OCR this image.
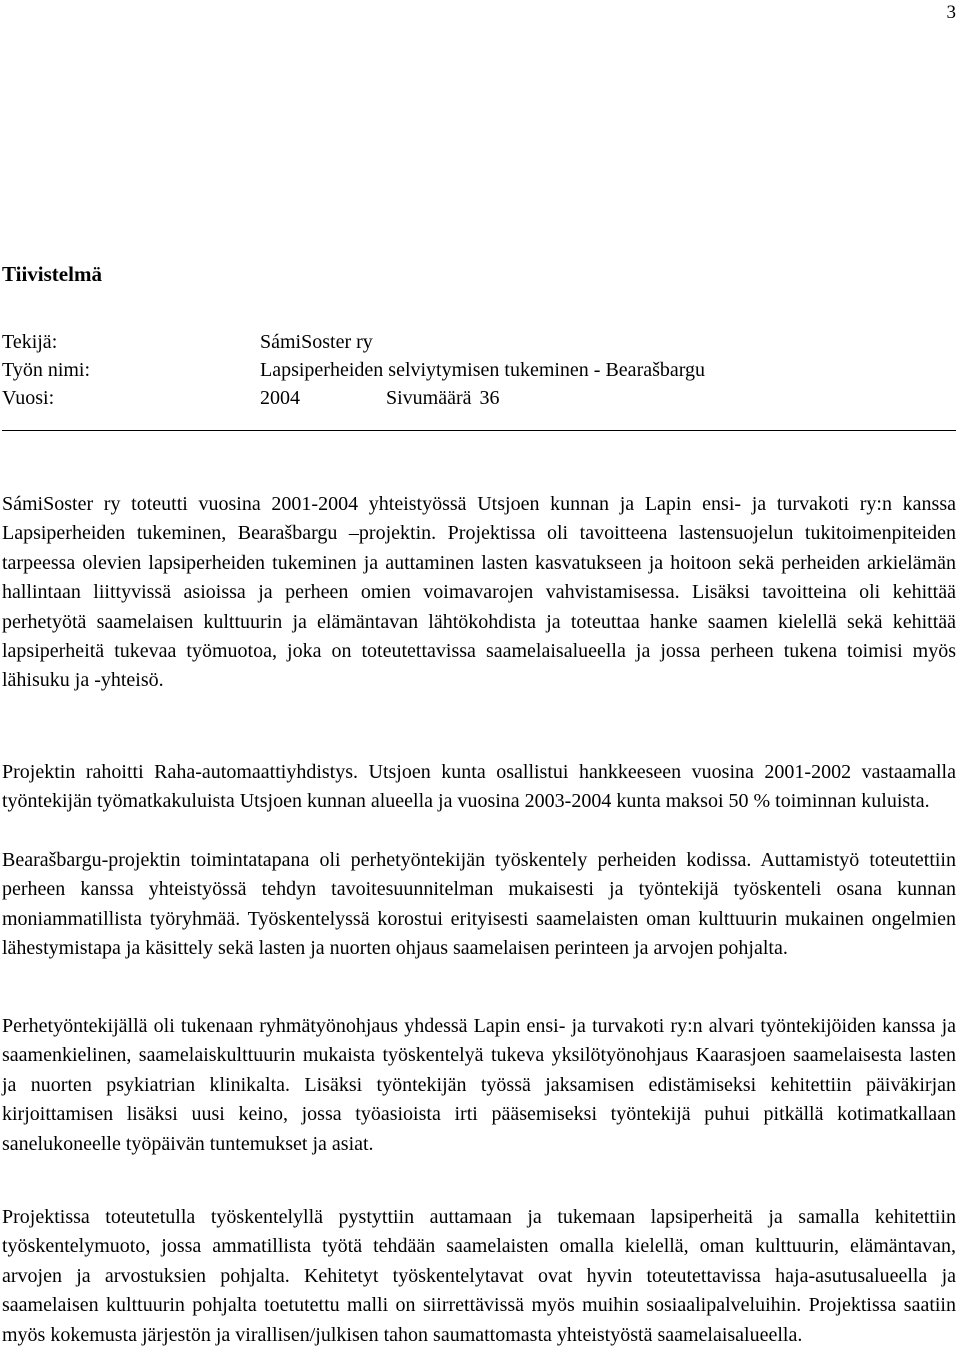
3
Tiivistelmä
Tekijä:	SámiSoster ry
Työn nimi:	Lapsiperheiden selviytymisen tukeminen - Bearašbargu
Vuosi:	2004	Sivumäärä 36

SámiSoster ry toteutti vuosina 2001-2004 yhteistyössä Utsjoen kunnan ja Lapin ensi- ja turvakoti ry:n kanssa Lapsiperheiden tukeminen, Bearašbargu –projektin. Projektissa oli tavoitteena lastensuojelun tukitoimenpiteiden tarpeessa olevien lapsiperheiden tukeminen ja auttaminen lasten kasvatukseen ja hoitoon sekä perheiden arkielämän hallintaan liittyvissä asioissa ja perheen omien voimavarojen vahvistamisessa. Lisäksi tavoitteina oli kehittää perhetyötä saamelaisen kulttuurin ja elämäntavan lähtökohdista ja toteuttaa hanke saamen kielellä sekä kehittää lapsiperheitä tukevaa työmuotoa, joka on toteutettavissa saamelaisalueella ja jossa perheen tukena toimisi myös lähisuku ja -yhteisö.

Projektin rahoitti Raha-automaattiyhdistys. Utsjoen kunta osallistui hankkeeseen vuosina 2001-2002 vastaamalla työntekijän työmatkakuluista Utsjoen kunnan alueella ja vuosina 2003-2004 kunta maksoi 50 % toiminnan kuluista.

Bearašbargu-projektin toimintatapana oli perhetyöntekijän työskentely perheiden kodissa. Auttamistyö toteutettiin perheen kanssa yhteistyössä tehdyn tavoitesuunnitelman mukaisesti ja työntekijä työskenteli osana kunnan moniammatillista työryhmää. Työskentelyssä korostui erityisesti saamelaisten oman kulttuurin mukainen ongelmien lähestymistapa ja käsittely sekä lasten ja nuorten ohjaus saamelaisen perinteen ja arvojen pohjalta.

Perhetyöntekijällä oli tukenaan ryhmätyönohjaus yhdessä Lapin ensi- ja turvakoti ry:n alvari työntekijöiden kanssa ja saamenkielinen, saamelaiskulttuurin mukaista työskentelyä tukeva yksilötyönohjaus Kaarasjoen saamelaisesta lasten ja nuorten psykiatrian klinikalta. Lisäksi työntekijän työssä jaksamisen edistämiseksi kehitettiin päiväkirjan kirjoittamisen lisäksi uusi keino, jossa työasioista irti pääsemiseksi työntekijä puhui pitkällä kotimatkallaan sanelukoneelle työpäivän tuntemukset ja asiat.

Projektissa toteutetulla työskentelyllä pystyttiin auttamaan ja tukemaan lapsiperheitä ja samalla kehitettiin työskentelymuoto, jossa ammatillista työtä tehdään saamelaisten omalla kielellä, oman kulttuurin, elämäntavan, arvojen ja arvostuksien pohjalta. Kehitetyt työskentelytavat ovat hyvin toteutettavissa haja-asutusalueella ja saamelaisen kulttuurin pohjalta toetutettu malli on siirrettävissä myös muihin sosiaalipalveluihin. Projektissa saatiin myös kokemusta järjestön ja virallisen/julkisen tahon saumattomasta yhteistyöstä saamelaisalueella.
